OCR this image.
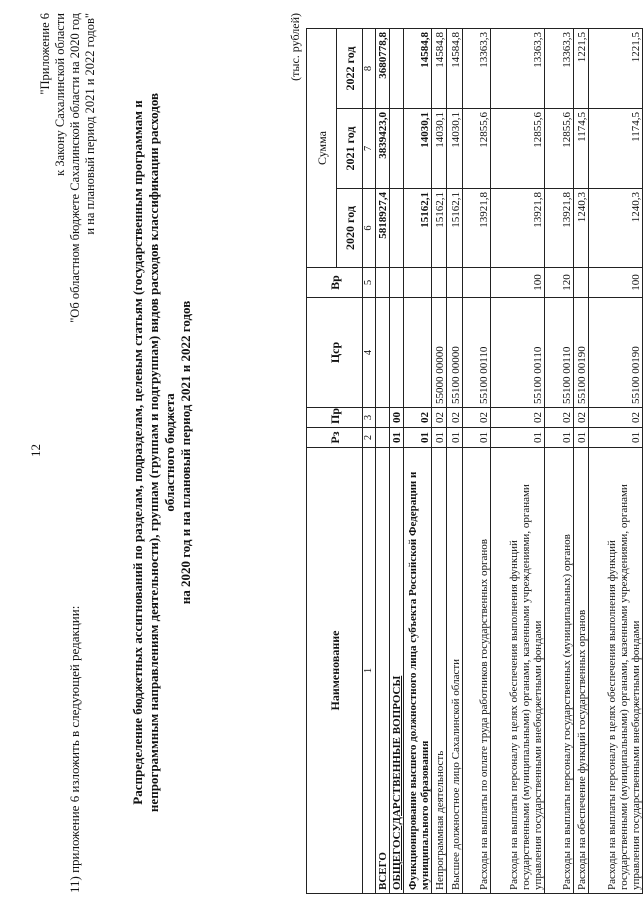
12
11) приложение 6 изложить в следующей редакции:
"Приложение 6 к Закону Сахалинской области "Об областном бюджете Сахалинской области на 2020 год и на плановый период 2021 и 2022 годов"	Распределение бюджетных ассигнований по разделам, подразделам, целевым статьям (государственным программам и непрограммным направлениям деятельности), группам (группам и подгруппам) видов расходов классификации расходов областного бюджета на 2020 год и на плановый период 2021 и 2022 годов
(тыс. рублей)
Наименование	Рз	Пр	Цср	Вр	Сумма		
					2020 год	2021 год	2022 год
1	2	3	4	5	6	7	8
ВСЕГО					5818927,4	3839423,0	3680778,8
ОБЩЕГОСУДАРСТВЕННЫЕ ВОПРОСЫ	01	00					
Функционирование высшего должностного лица субъекта Российской Федерации и муниципального образования	01	02			15162,1	14030,1	14584,8
Непрограммная деятельность	01	02	55000 00000		15162,1	14030,1	14584,8
Высшее должностное лицо Сахалинской области	01	02	55100 00000		15162,1	14030,1	14584,8
Расходы на выплаты по оплате труда работников государственных органов	01	02	55100 00110		13921,8	12855,6	13363,3
Расходы на выплаты персоналу в целях обеспечения выполнения функций государственными (муниципальными) органами, казенными учреждениями, органами управления государственными внебюджетными фондами	01	02	55100 00110	100	13921,8	12855,6	13363,3
Расходы на выплаты персоналу государственных (муниципальных) органов	01	02	55100 00110	120	13921,8	12855,6	13363,3
Расходы на обеспечение функций государственных органов	01	02	55100 00190		1240,3	1174,5	1221,5
Расходы на выплаты персоналу в целях обеспечения выполнения функций государственными (муниципальными) органами, казенными учреждениями, органами управления государственными внебюджетными фондами	01	02	55100 00190	100	1240,3	1174,5	1221,5
